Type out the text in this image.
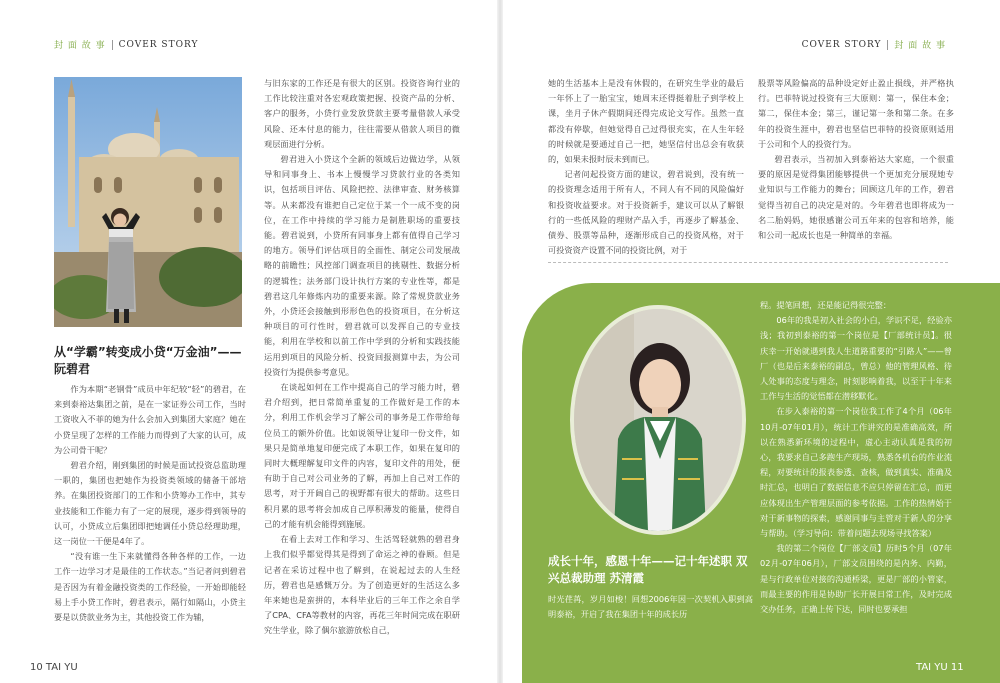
封 面 故 事 COVER STORY
从“学霸”转变成小贷“万金油”——阮碧君

作为本期“老钢骨”成员中年纪较“轻”的碧君，在来到泰裕达集团之前，是在一家证券公司工作，当时工资收入不菲的她为什么会加入到集团大家庭？她在小贷呈现了怎样的工作能力而得到了大家的认可，成为公司骨干呢？

碧君介绍，刚到集团的时候是面试投资总监助理一职的，集团也把她作为投资类领域的储备干部培养。在集团投资部门的工作和小贷筹办工作中，其专业技能和工作能力有了一定的展现，逐步得到领导的认可，小贷成立后集团即把她调任小贷总经理助理，这一岗位一干便是4年了。

“没有谁一生下来就懂得各种各样的工作，一边工作一边学习才是最佳的工作状态。”当记者问到碧君是否因为有着金融投资类的工作经验，一开始即能轻易上手小贷工作时，碧君表示，隔行如隔山，小贷主要是以贷款业务为主，其他投资工作为辅，

与旧东家的工作还是有很大的区别。投资咨询行业的工作比较注重对各宏观政策把握、投资产品的分析、客户的服务，小贷行业发放贷款主要考量借款人承受风险、还本付息的能力，往往需要从借款人项目的微观层面进行分析。

碧君进入小贷这个全新的领域后边做边学，从领导和同事身上、书本上慢慢学习贷款行业的各类知识，包括项目评估、风险把控、法律审查、财务核算等。从来都没有谁把自己定位于某一个一成不变的岗位，在工作中持续的学习能力是制胜职场的重要技能。碧君说到，小贷所有同事身上都有值得自己学习的地方。领导们评估项目的全面性、制定公司发展战略的前瞻性；风控部门调查项目的挑剔性、数据分析的逻辑性；法务部门设计执行方案的专业性等，都是碧君这几年修炼内功的重要来源。除了常规贷款业务外，小贷还会接触到形形色色的投资项目，在分析这种项目的可行性时，碧君就可以发挥自己的专业技能，利用在学校和以前工作中学到的分析和实践技能运用到项目的风险分析、投资回报测算中去，为公司投资行为提供参考意见。

在谈起如何在工作中提高自己的学习能力时，碧君介绍到，把日常简单重复的工作做好是工作的本分，利用工作机会学习了解公司的事务是工作带给每位员工的额外价值。比如说领导让复印一份文件，如果只是简单地复印便完成了本职工作，如果在复印的同时大概理解复印文件的内容，复印文件的用处，便有助于自己对公司业务的了解，再加上自己对工作的思考，对于开阔自己的视野都有很大的帮助。这些日积月累的思考将会加成自己厚积薄发的能量，使得自己的才能有机会能得到施展。

在看上去对工作和学习、生活驾轻就熟的碧君身上我们似乎都觉得其是得到了命运之神的眷顾。但是记者在采访过程中也了解到，在说起过去的人生经历，碧君也是感慨万分。为了创造更好的生活这么多年来她也是蛮拼的，本科毕业后的三年工作之余自学了CPA、CFA等教材的内容，再花三年时间完成在职研究生学业，除了偶尔旅游放松自己，

10 TAI YU
COVER STORY 封 面 故 事

她的生活基本上是没有休假的，在研究生学业的最后一年怀上了一胎宝宝，她周末还得挺着肚子到学校上课，坐月子休产假期间还得完成论文写作。虽然一直都没有停歇，但她觉得自己过得很充实，在人生年轻的时候就是要通过自己一把，她坚信付出总会有收获的，如果未报时辰未到而已。

记者问起投资方面的建议，碧君说到，没有统一的投资理念适用于所有人，不同人有不同的风险偏好和投资收益要求。对于投资新手，建议可以从了解银行的一些低风险的理财产品入手，再逐步了解基金、债券、股票等品种，逐渐形成自己的投资风格，对于可投资资产设置不同的投资比例，对于

股票等风险偏高的品种设定好止盈止损线，并严格执行。巴菲特说过投资有三大原则：第一，保住本金；第二，保住本金；第三，谨记第一条和第二条。在多年的投资生涯中，碧君也坚信巴菲特的投资原则适用于公司和个人的投资行为。

碧君表示，当初加入到泰裕达大家庭，一个很重要的原因是觉得集团能够提供一个更加充分展现她专业知识与工作能力的舞台；回顾这几年的工作，碧君觉得当初自己的决定是对的。今年碧君也即将成为一名二胎妈妈，她很感谢公司五年来的包容和培养，能和公司一起成长也是一种简单的幸福。

成长十年，感恩十年——记十年述职 双兴总裁助理 苏清霞
时光荏苒，岁月如梭！回想2006年因一次契机入职到高明泰裕，开启了我在集团十年的成长历

程。提笔回想，还是能记得很完整：

06年的我是初入社会的小白，学识不足，经验亦浅；我初到泰裕的第一个岗位是【厂部统计员】。很庆幸一开始就遇到我人生道路重要的“引路人”——曾厂（也是后来泰裕的副总，曾总）他的管理风格、待人处事的态度与理念，时刻影响着我，以至于十年来工作与生活的觉悟都在潜移默化。

在步入泰裕的第一个岗位我工作了4个月（06年10月-07年01月），统计工作讲究的是准确高效，所以在熟悉新环境的过程中，虚心主动认真是我的初心，我要求自己多跑生产现场，熟悉各机台的作业流程，对要统计的报表参透、查核，做到真实、准确及时汇总，也明白了数据信息不应只停留在汇总，而更应体现出生产管理层面的参考依据。工作的热情始于对于新事物的探索，感谢同事与主管对于新人的分享与帮助。（学习导向：带着问题去现场寻找答案）

我的第二个岗位【厂部文员】历时5个月（07年02月-07年06月），厂部文员围绕的是内务、内勤，是与行政单位对接的沟通桥梁，更是厂部的小管家，而最主要的作用是协助厂长开展日常工作，及时完成交办任务，正确上传下达，同时也要承担

TAI YU 11
